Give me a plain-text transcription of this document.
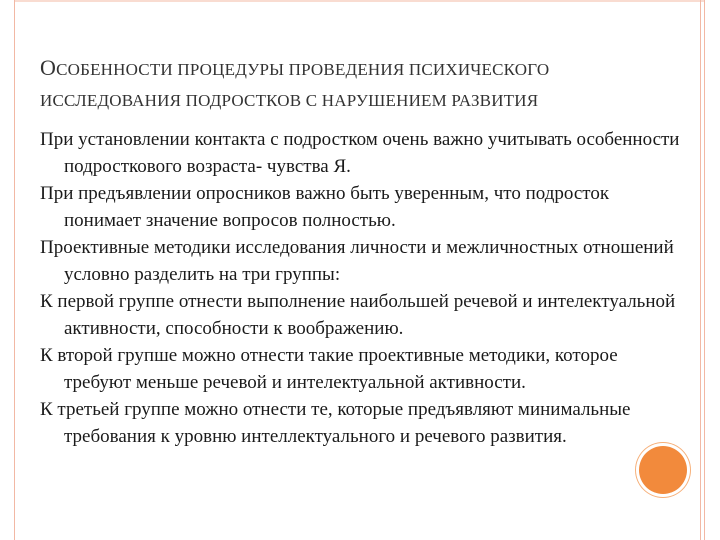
ОСОБЕННОСТИ ПРОЦЕДУРЫ ПРОВЕДЕНИЯ ПСИХИЧЕСКОГО
ИССЛЕДОВАНИЯ ПОДРОСТКОВ С НАРУШЕНИЕМ РАЗВИТИЯ
При установлении контакта с подростком очень важно учитывать особенности подросткового возраста- чувства Я.
При предъявлении опросников важно быть уверенным, что подросток понимает значение вопросов полностью.
Проективные методики исследования личности и межличностных отношений условно разделить на три группы:
К первой группе отнести выполнение наибольшей речевой и интелектуальной активности, способности к воображению.
К второй групше можно отнести такие проективные методики, которое требуют меньше речевой и интелектуальной активности.
К третьей группе можно отнести те, которые предъявляют минимальные требования к уровню интеллектуального и речевого развития.
